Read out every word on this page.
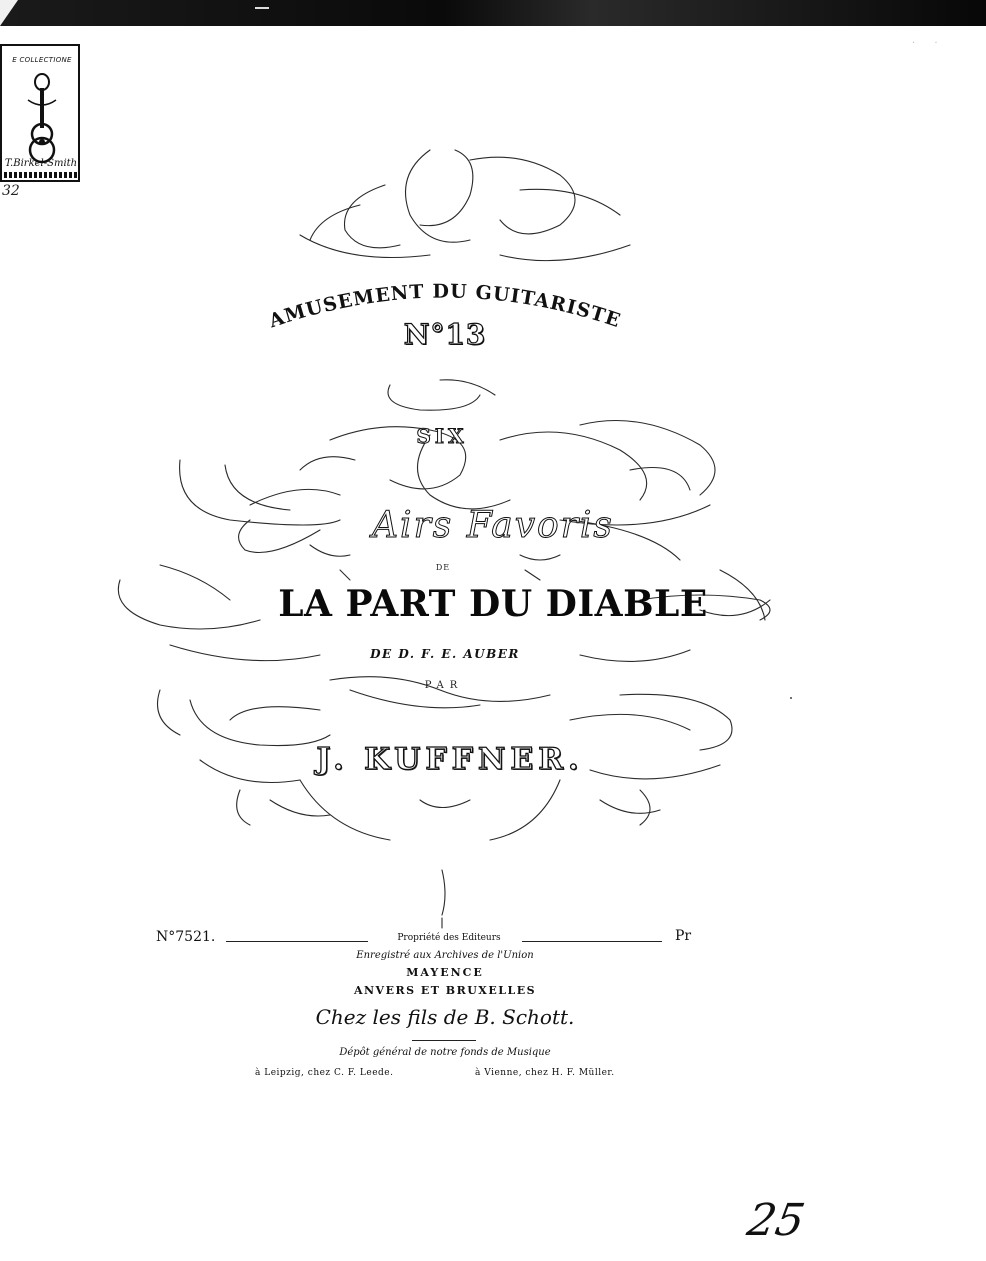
· ·
E COLLECTIONE
T.Birkel-Smith
32
AMUSEMENT DU GUITARISTE
N°13
SIX
Airs Favoris
DE
LA PART DU DIABLE
DE D. F. E. AUBER
PAR
J. KUFFNER.
N°7521.	Propriété des Editeurs	Pr
Enregistré aux Archives de l'Union
MAYENCE
ANVERS ET BRUXELLES
Chez les fils de B. Schott.
Dépôt général de notre fonds de Musique
à Leipzig, chez C. F. Leede.	à Vienne, chez H. F. Müller.
25
